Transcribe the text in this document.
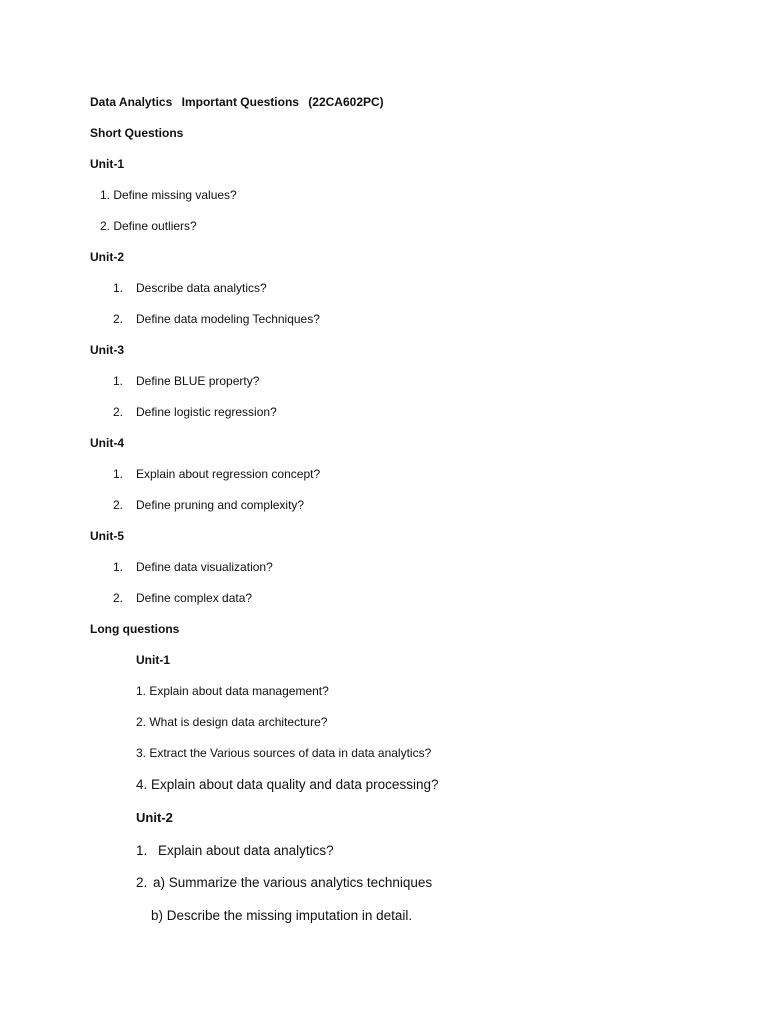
Data Analytics Important Questions (22CA602PC)
Short Questions
Unit-1
1. Define missing values?
2. Define outliers?
Unit-2
1. Describe data analytics?
2. Define data modeling Techniques?
Unit-3
1. Define BLUE property?
2. Define logistic regression?
Unit-4
1. Explain about regression concept?
2. Define pruning and complexity?
Unit-5
1. Define data visualization?
2. Define complex data?
Long questions
Unit-1
1. Explain about data management?
2. What is design data architecture?
3. Extract the Various sources of data in data analytics?
4. Explain about data quality and data processing?
Unit-2
1. Explain about data analytics?
2. a) Summarize the various analytics techniques
b) Describe the missing imputation in detail.
